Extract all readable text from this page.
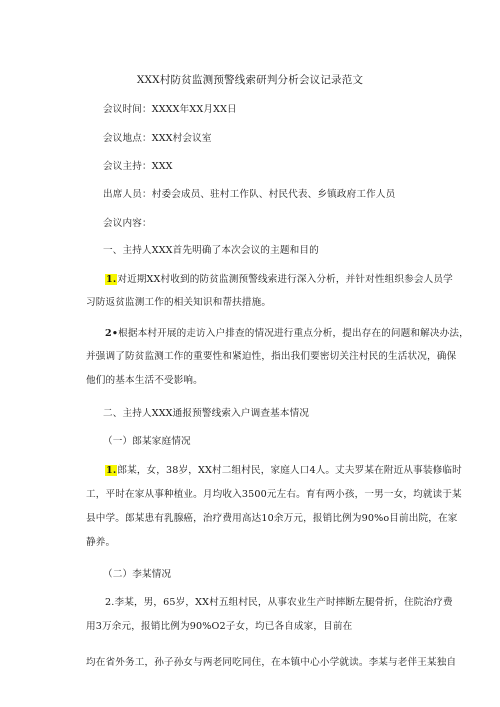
XXX村防贫监测预警线索研判分析会议记录范文
会议时间：XXXX年XX月XX日
会议地点：XXX村会议室
会议主持：XXX
出席人员：村委会成员、驻村工作队、村民代表、乡镇政府工作人员
会议内容：
一、主持人XXX首先明确了本次会议的主题和目的
1.对近期XX村收到的防贫监测预警线索进行深入分析，并针对性组织参会人员学
习防返贫监测工作的相关知识和帮扶措施。
2•根据本村开展的走访入户排查的情况进行重点分析，提出存在的问题和解决办法，
并强调了防贫监测工作的重要性和紧迫性，指出我们要密切关注村民的生活状况，确保
他们的基本生活不受影响。
二、主持人XXX通报预警线索入户调查基本情况
（一）郎某家庭情况
1.郎某，女，38岁，XX村二组村民，家庭人口4人。丈夫罗某在附近从事装修临时
工，平时在家从事种植业。月均收入3500元左右。育有两小孩，一男一女，均就读于某
县中学。郎某患有乳腺癌，治疗费用高达10余万元，报销比例为90%o目前出院，在家
静养。
（二）李某情况
2.李某，男，65岁，XX村五组村民，从事农业生产时摔断左腿骨折，住院治疗费
用3万余元，报销比例为90%O2子女，均已各自成家，目前在
均在省外务工，孙子孙女与两老同吃同住，在本镇中心小学就读。李某与老伴王某独自
